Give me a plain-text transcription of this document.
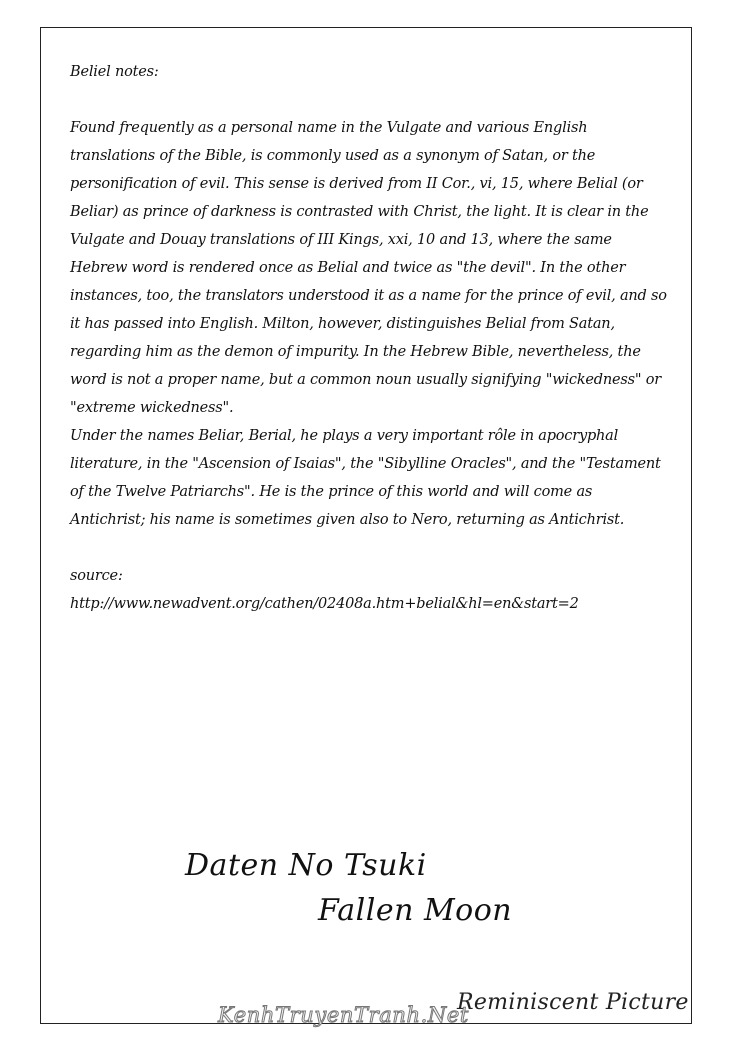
Beliel notes:

Found frequently as a personal name in the Vulgate and various English translations of the Bible, is commonly used as a synonym of Satan, or the personification of evil. This sense is derived from II Cor., vi, 15, where Belial (or Beliar) as prince of darkness is contrasted with Christ, the light. It is clear in the Vulgate and Douay translations of III Kings, xxi, 10 and 13, where the same Hebrew word is rendered once as Belial and twice as "the devil". In the other instances, too, the translators understood it as a name for the prince of evil, and so it has passed into English. Milton, however, distinguishes Belial from Satan, regarding him as the demon of impurity. In the Hebrew Bible, nevertheless, the word is not a proper name, but a common noun usually signifying "wickedness" or "extreme wickedness".

Under the names Beliar, Berial, he plays a very important rôle in apocryphal literature, in the "Ascension of Isaias", the "Sibylline Oracles", and the "Testament of the Twelve Patriarchs". He is the prince of this world and will come as Antichrist; his name is sometimes given also to Nero, returning as Antichrist.

source:

http://www.newadvent.org/cathen/02408a.htm+belial&hl=en&start=2

Daten No Tsuki
Fallen Moon
Reminiscent Picture
KenhTruyenTranh.Net
